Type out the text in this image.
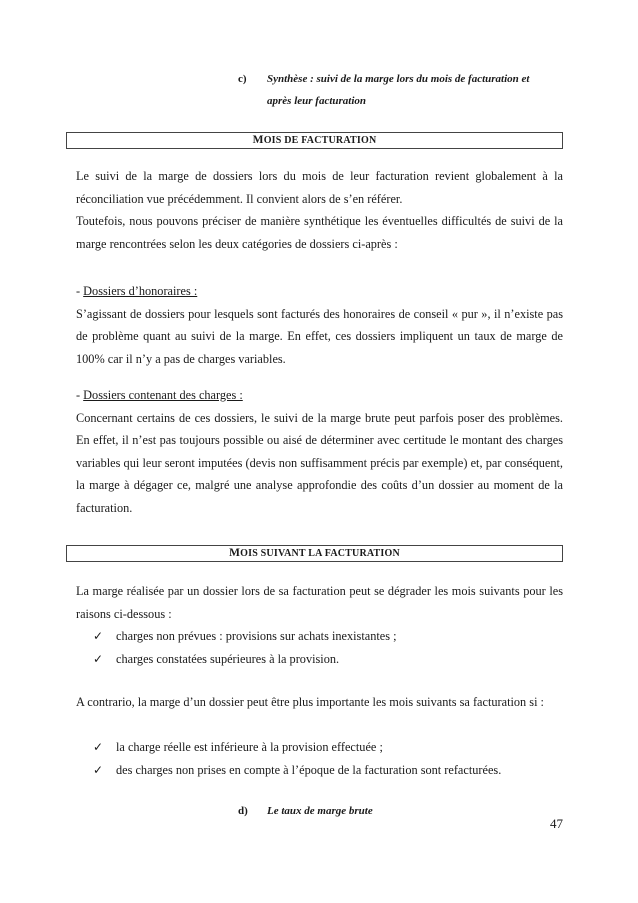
c) Synthèse : suivi de la marge lors du mois de facturation et
après leur facturation
MOIS DE FACTURATION

Le suivi de la marge de dossiers lors du mois de leur facturation revient globalement à la réconciliation vue précédemment. Il convient alors de s’en référer.

Toutefois, nous pouvons préciser de manière synthétique les éventuelles difficultés de suivi de la marge rencontrées selon les deux catégories de dossiers ci-après :

- Dossiers d’honoraires :

S’agissant de dossiers pour lesquels sont facturés des honoraires de conseil « pur », il n’existe pas de problème quant au suivi de la marge. En effet, ces dossiers impliquent un taux de marge de 100% car il n’y a pas de charges variables.

- Dossiers contenant des charges :

Concernant certains de ces dossiers, le suivi de la marge brute peut parfois poser des problèmes. En effet, il n’est pas toujours possible ou aisé de déterminer avec certitude le montant des charges variables qui leur seront imputées (devis non suffisamment précis par exemple) et, par conséquent, la marge à dégager ce, malgré une analyse approfondie des coûts d’un dossier au moment de la facturation.

MOIS SUIVANT LA FACTURATION
La marge réalisée par un dossier lors de sa facturation peut se dégrader les mois suivants pour les raisons ci-dessous :
✓ charges non prévues : provisions sur achats inexistantes ;
✓ charges constatées supérieures à la provision.
A contrario, la marge d’un dossier peut être plus importante les mois suivants sa facturation si :
✓ la charge réelle est inférieure à la provision effectuée ;
✓ des charges non prises en compte à l’époque de la facturation sont refacturées.
d) Le taux de marge brute
47
